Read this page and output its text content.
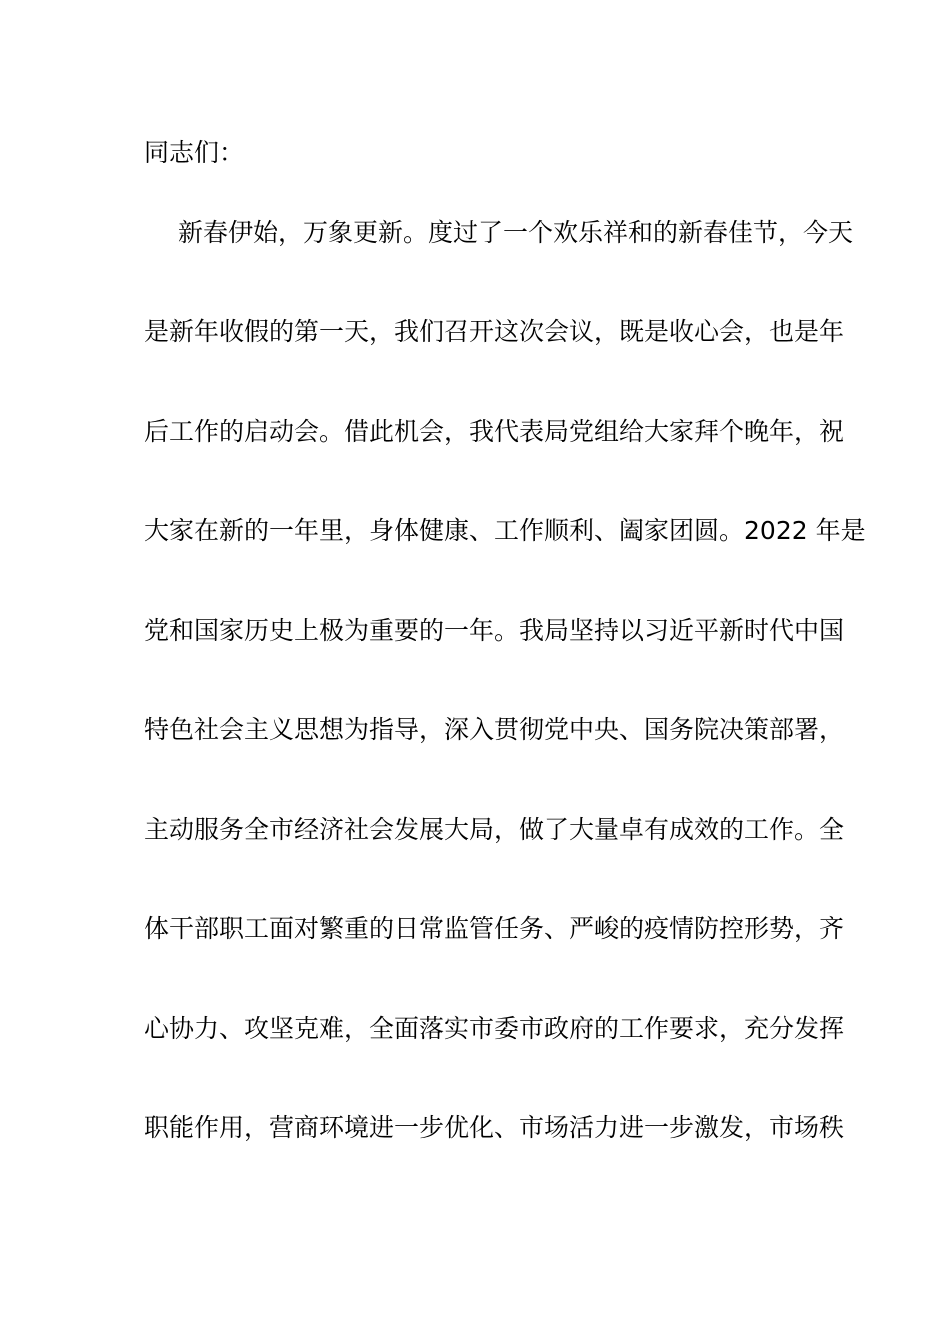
同志们：
新春伊始，万象更新。度过了一个欢乐祥和的新春佳节，今天
是新年收假的第一天，我们召开这次会议，既是收心会，也是年
后工作的启动会。借此机会，我代表局党组给大家拜个晚年，祝
大家在新的一年里，身体健康、工作顺利、阖家团圆。2022 年是
党和国家历史上极为重要的一年。我局坚持以习近平新时代中国
特色社会主义思想为指导，深入贯彻党中央、国务院决策部署，
主动服务全市经济社会发展大局，做了大量卓有成效的工作。全
体干部职工面对繁重的日常监管任务、严峻的疫情防控形势，齐
心协力、攻坚克难，全面落实市委市政府的工作要求，充分发挥
职能作用，营商环境进一步优化、市场活力进一步激发，市场秩
